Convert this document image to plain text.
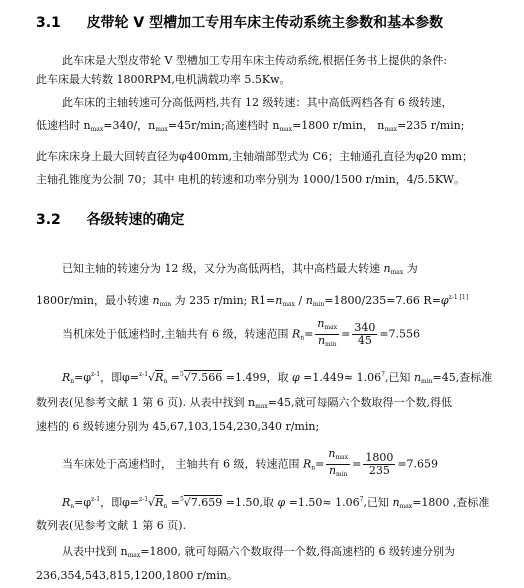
3.1 皮带轮 V 型槽加工专用车床主传动系统主参数和基本参数
此车床是大型皮带轮 V 型槽加工专用车床主传动系统,根据任务书上提供的条件:
此车床最大转数 1800RPM,电机满载功率 5.5Kw。
此车床的主轴转速可分高低两档,共有 12 级转速：其中高低两档各有 6 级转速，
低速档时 $n_{max}=340/$，$n_{max}=45r/\min$;高速档时 $n_{max}=1800$ r/min， $n_{max}=235$ r/min;
此车床床身上最大回转直径为φ400mm,主轴端部型式为 C6；主轴通孔直径为φ20 mm；
主轴孔锥度为公制 70；其中 电机的转速和功率分别为 1000/1500 r/min，4/5.5KW。
3.2 各级转速的确定
已知主轴的转速分为 12 级，又分为高低两档，其中高档最大转速 $n_{max}$ 为
1800r/min，最小转速 $n_{min}$ 为 235 r/min; $R1=n_{max} / n_{min}=1800/235=7.66$ $R=\varphi^{z-1 [1]}$
当机床处于低速档时,主轴共有 6 级，转速范围 $R_n= \frac{n_{max}}{n_{min}} = \frac{340}{45} =7.556$
$R_n=\varphi^{z-1}$，即$\varphi=^{z-1}√R_n =^5√7.566 =1.499$，取 $\varphi =1.449\approx 1.06^7$,已知 $n_{min}=45$,查标准
数列表(见参考文献 1 第 6 页). 从表中找到 $n_{max}=45$,就可每隔六个数取得一个数,得低
速档的 6 级转速分别为 45,67,103,154,230,340 r/min;
当车床处于高速档时， 主轴共有 6 级，转速范围 $R_n= \frac{n_{max}}{n_{min}} = \frac{1800}{235} =7.659$
$R_n=\varphi^{z-1}$，即$\varphi=^{z-1}√R_n =^5√7.659 =1.50$,取 $\varphi =1.50\approx 1.06^7$,已知 $n_{max}=1800$ ,查标准
数列表(见参考文献 1 第 6 页).
从表中找到 $n_{max}=1800$, 就可每隔六个数取得一个数,得高速档的 6 级转速分别为
236,354,543,815,1200,1800 r/min。
